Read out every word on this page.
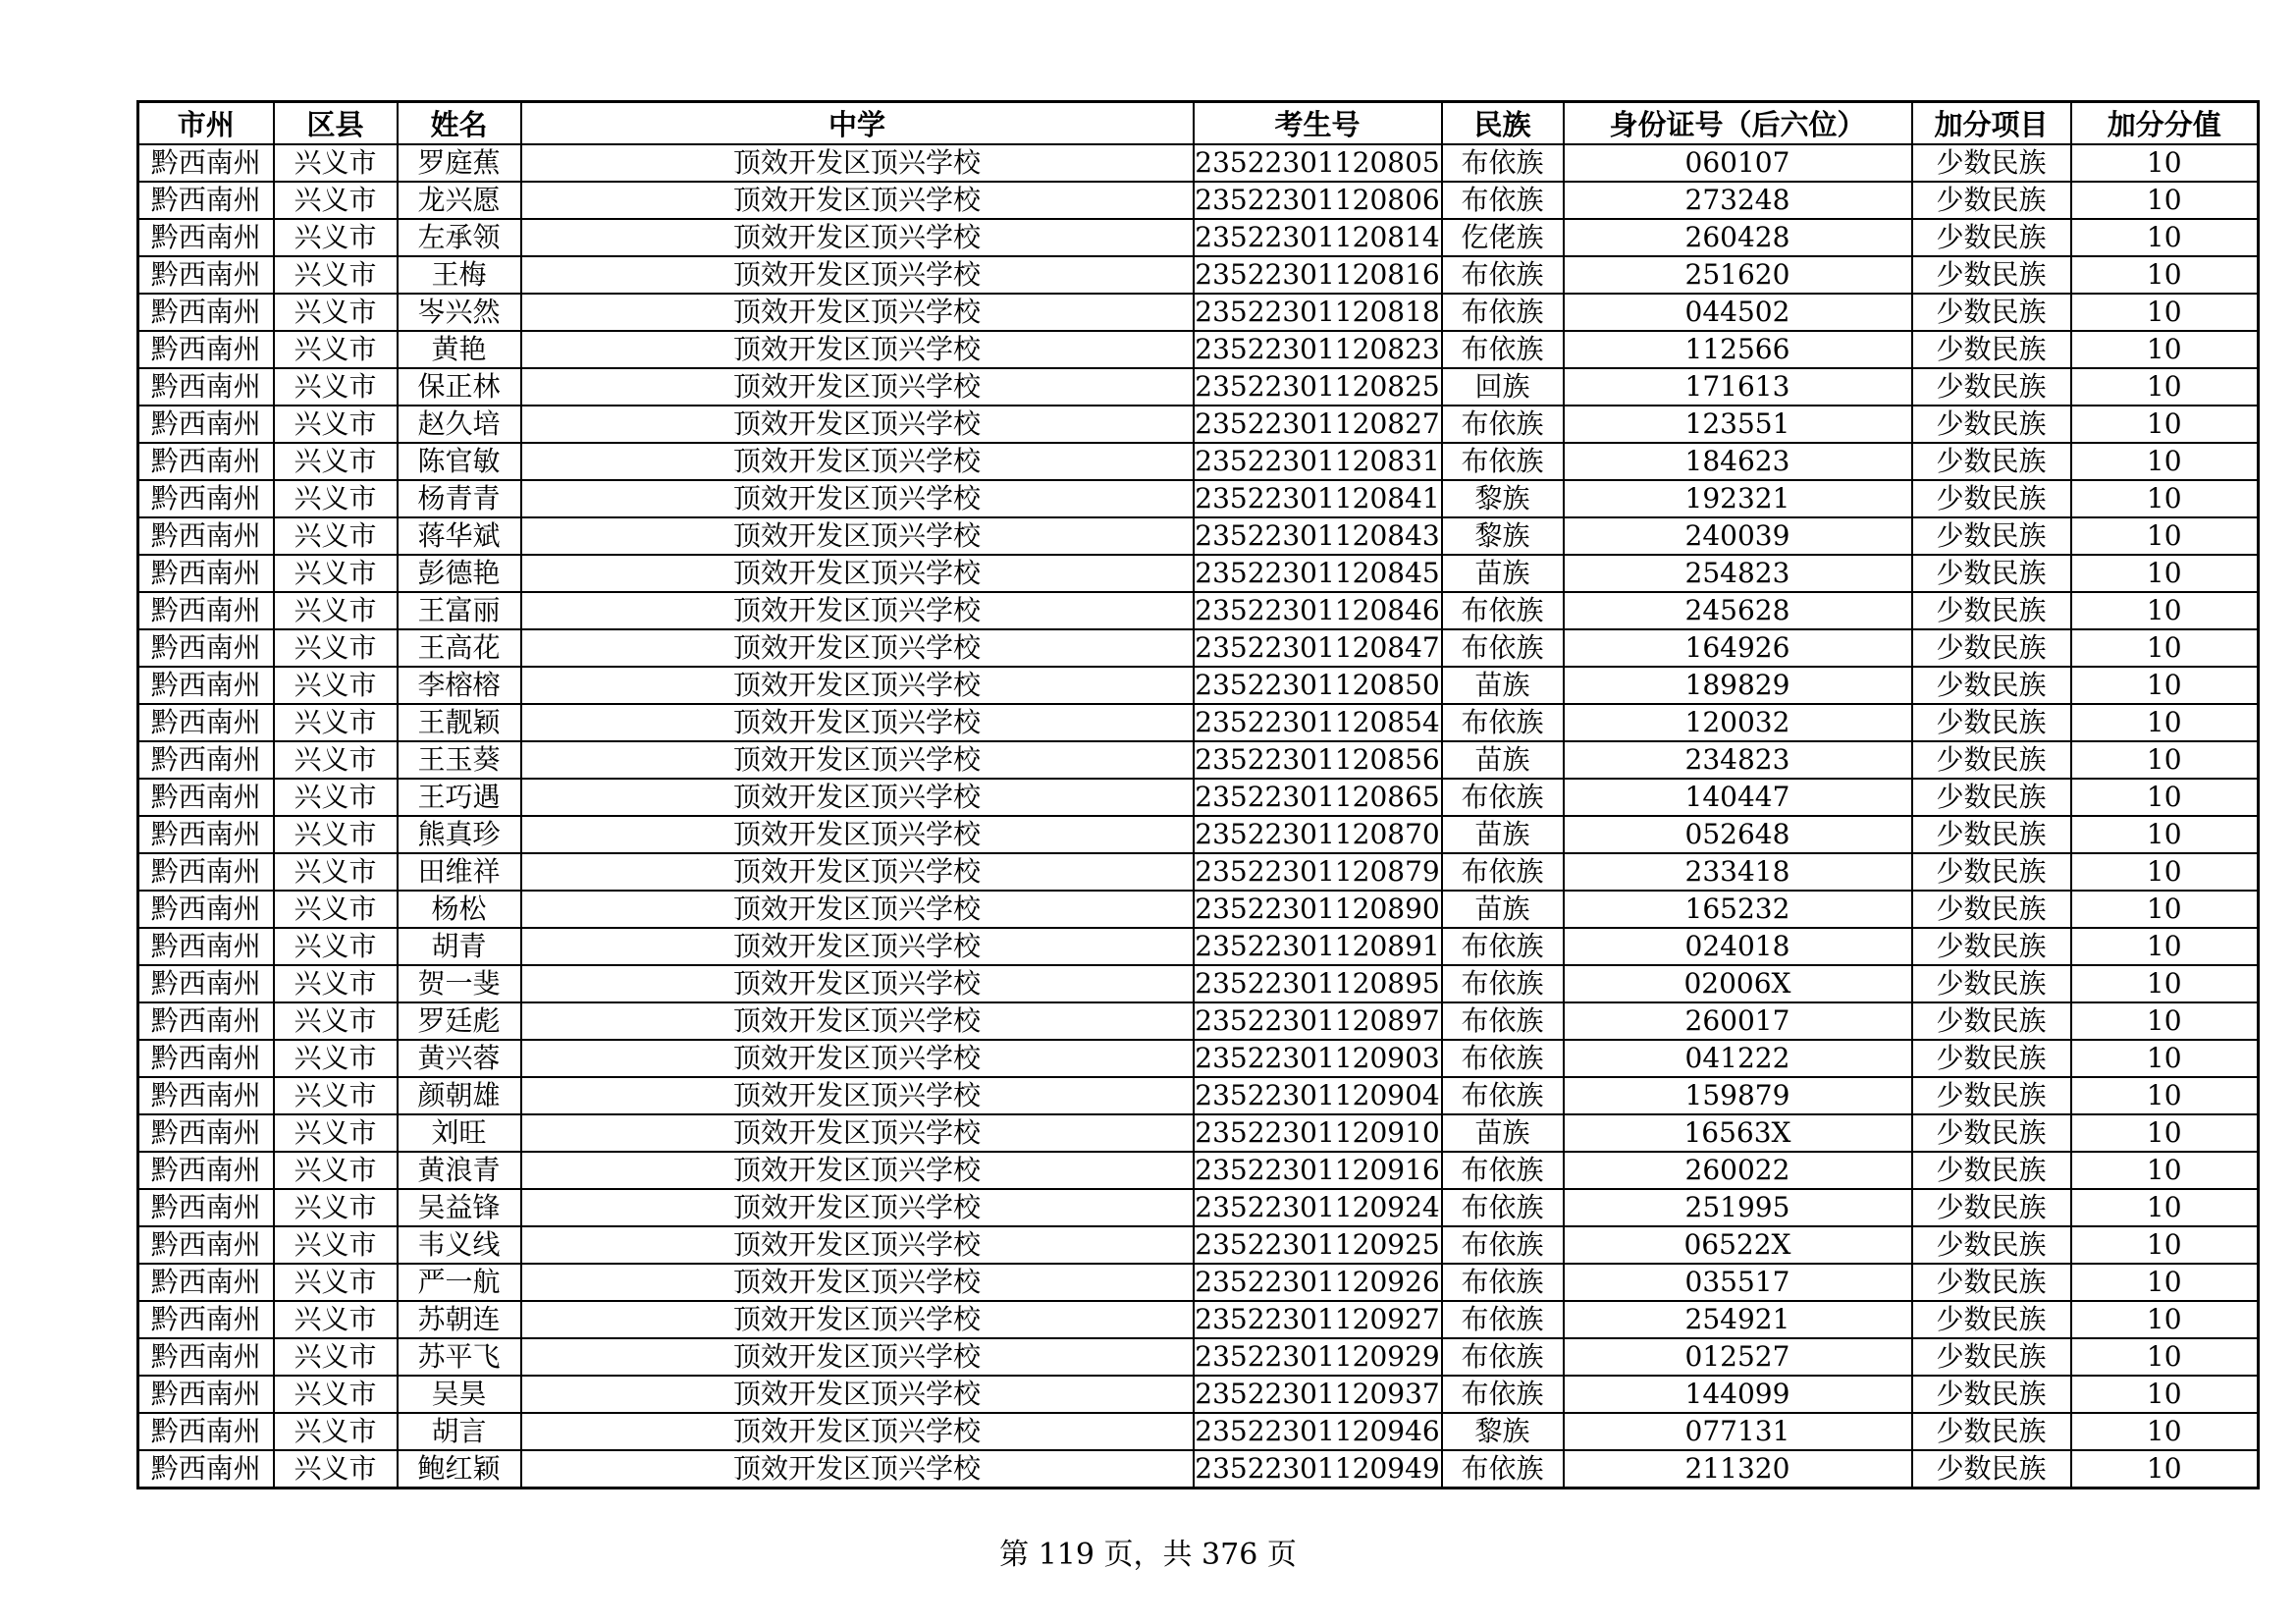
市州	区县	姓名	中学	考生号	民族	身份证号（后六位）	加分项目	加分分值
黔西南州	兴义市	罗庭蕉	顶效开发区顶兴学校	23522301120805	布依族	060107	少数民族	10
黔西南州	兴义市	龙兴愿	顶效开发区顶兴学校	23522301120806	布依族	273248	少数民族	10
黔西南州	兴义市	左承领	顶效开发区顶兴学校	23522301120814	仡佬族	260428	少数民族	10
黔西南州	兴义市	王梅	顶效开发区顶兴学校	23522301120816	布依族	251620	少数民族	10
黔西南州	兴义市	岑兴然	顶效开发区顶兴学校	23522301120818	布依族	044502	少数民族	10
黔西南州	兴义市	黄艳	顶效开发区顶兴学校	23522301120823	布依族	112566	少数民族	10
黔西南州	兴义市	保正林	顶效开发区顶兴学校	23522301120825	回族	171613	少数民族	10
黔西南州	兴义市	赵久培	顶效开发区顶兴学校	23522301120827	布依族	123551	少数民族	10
黔西南州	兴义市	陈官敏	顶效开发区顶兴学校	23522301120831	布依族	184623	少数民族	10
黔西南州	兴义市	杨青青	顶效开发区顶兴学校	23522301120841	黎族	192321	少数民族	10
黔西南州	兴义市	蒋华斌	顶效开发区顶兴学校	23522301120843	黎族	240039	少数民族	10
黔西南州	兴义市	彭德艳	顶效开发区顶兴学校	23522301120845	苗族	254823	少数民族	10
黔西南州	兴义市	王富丽	顶效开发区顶兴学校	23522301120846	布依族	245628	少数民族	10
黔西南州	兴义市	王高花	顶效开发区顶兴学校	23522301120847	布依族	164926	少数民族	10
黔西南州	兴义市	李榕榕	顶效开发区顶兴学校	23522301120850	苗族	189829	少数民族	10
黔西南州	兴义市	王靓颖	顶效开发区顶兴学校	23522301120854	布依族	120032	少数民族	10
黔西南州	兴义市	王玉葵	顶效开发区顶兴学校	23522301120856	苗族	234823	少数民族	10
黔西南州	兴义市	王巧遇	顶效开发区顶兴学校	23522301120865	布依族	140447	少数民族	10
黔西南州	兴义市	熊真珍	顶效开发区顶兴学校	23522301120870	苗族	052648	少数民族	10
黔西南州	兴义市	田维祥	顶效开发区顶兴学校	23522301120879	布依族	233418	少数民族	10
黔西南州	兴义市	杨松	顶效开发区顶兴学校	23522301120890	苗族	165232	少数民族	10
黔西南州	兴义市	胡青	顶效开发区顶兴学校	23522301120891	布依族	024018	少数民族	10
黔西南州	兴义市	贺一斐	顶效开发区顶兴学校	23522301120895	布依族	02006X	少数民族	10
黔西南州	兴义市	罗廷彪	顶效开发区顶兴学校	23522301120897	布依族	260017	少数民族	10
黔西南州	兴义市	黄兴蓉	顶效开发区顶兴学校	23522301120903	布依族	041222	少数民族	10
黔西南州	兴义市	颜朝雄	顶效开发区顶兴学校	23522301120904	布依族	159879	少数民族	10
黔西南州	兴义市	刘旺	顶效开发区顶兴学校	23522301120910	苗族	16563X	少数民族	10
黔西南州	兴义市	黄浪青	顶效开发区顶兴学校	23522301120916	布依族	260022	少数民族	10
黔西南州	兴义市	吴益锋	顶效开发区顶兴学校	23522301120924	布依族	251995	少数民族	10
黔西南州	兴义市	韦义线	顶效开发区顶兴学校	23522301120925	布依族	06522X	少数民族	10
黔西南州	兴义市	严一航	顶效开发区顶兴学校	23522301120926	布依族	035517	少数民族	10
黔西南州	兴义市	苏朝连	顶效开发区顶兴学校	23522301120927	布依族	254921	少数民族	10
黔西南州	兴义市	苏平飞	顶效开发区顶兴学校	23522301120929	布依族	012527	少数民族	10
黔西南州	兴义市	吴昊	顶效开发区顶兴学校	23522301120937	布依族	144099	少数民族	10
黔西南州	兴义市	胡言	顶效开发区顶兴学校	23522301120946	黎族	077131	少数民族	10
黔西南州	兴义市	鲍红颖	顶效开发区顶兴学校	23522301120949	布依族	211320	少数民族	10
第 119 页，共 376 页
